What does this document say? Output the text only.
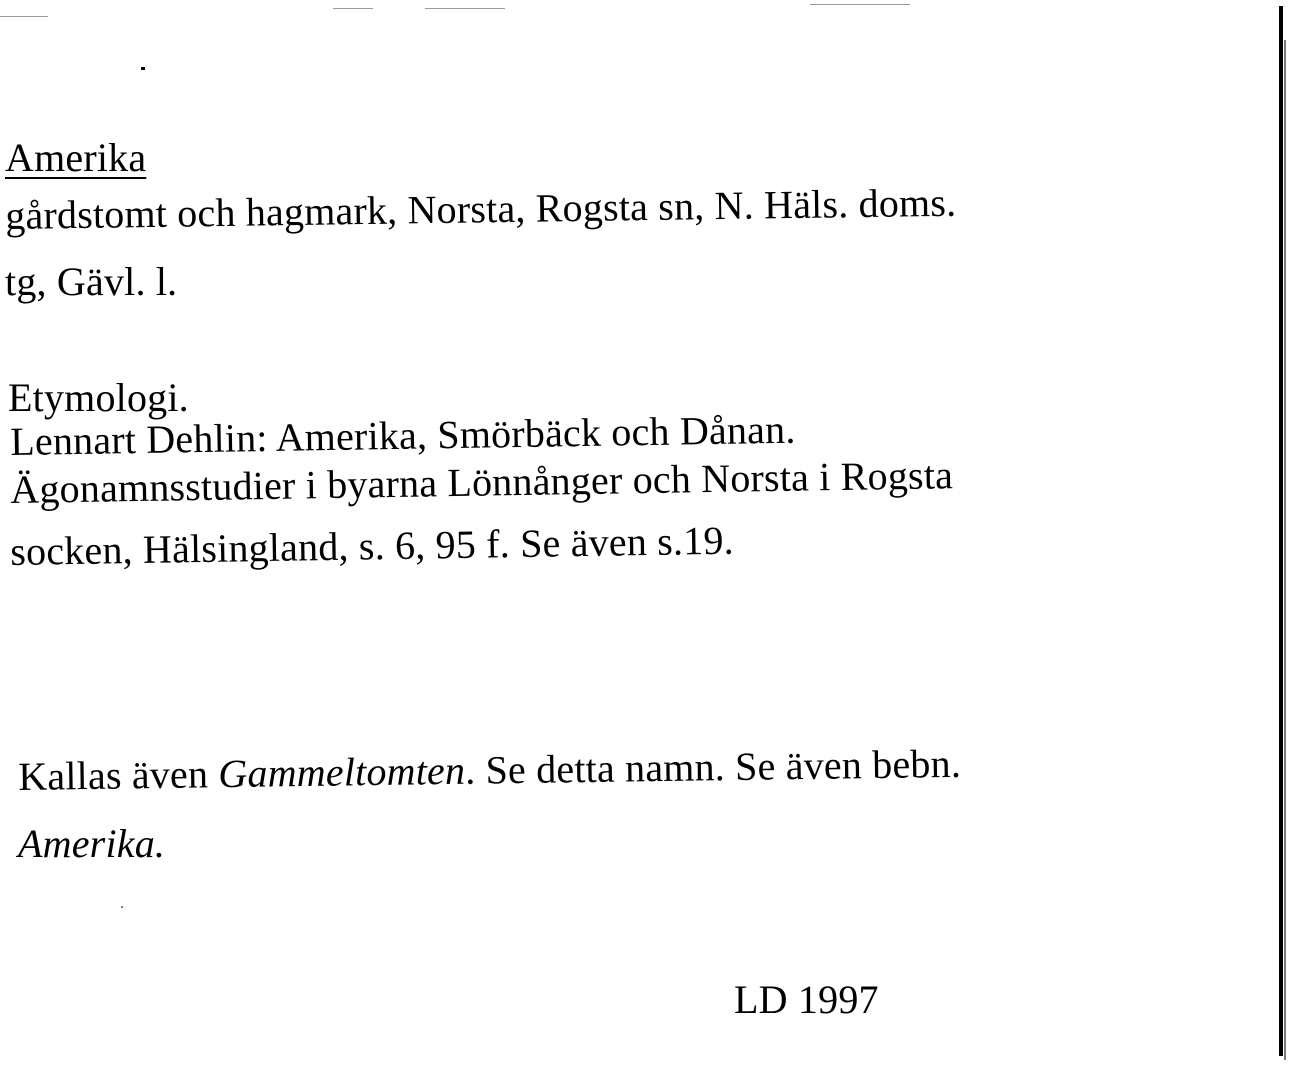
Amerika
gårdstomt och hagmark, Norsta, Rogsta sn, N. Häls. doms.
tg, Gävl. l.
Etymologi.
Lennart Dehlin: Amerika, Smörbäck och Dånan.
Ägonamnsstudier i byarna Lönnånger och Norsta i Rogsta
socken, Hälsingland, s. 6, 95 f. Se även s.19.
Kallas även Gammeltomten. Se detta namn. Se även bebn.
Amerika.
LD 1997
